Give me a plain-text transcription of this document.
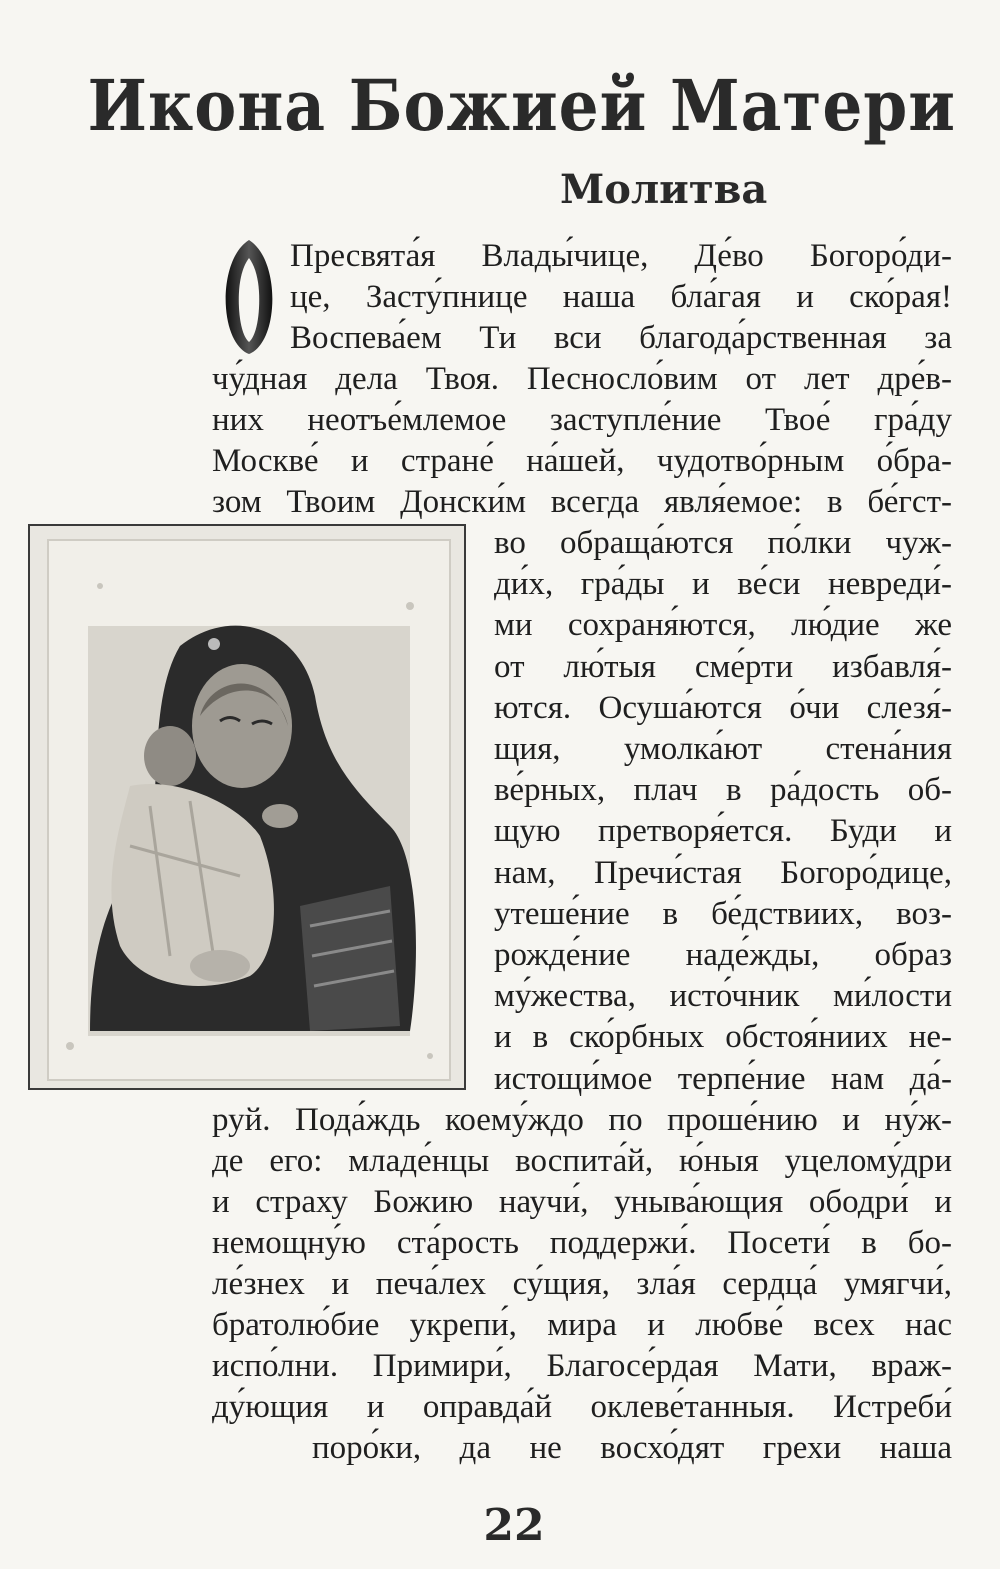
Икона Божией Матери
Молитва
Пресвята́я Влады́чице, Де́во Богоро́ди-
це, Засту́пнице наша бла́гая и ско́рая!
Воспева́ем Ти вси благода́рственная за
чу́дная дела Твоя. Песносло́вим от лет дре́в-
них неотъе́млемое заступле́ние Твое́ гра́ду
Москве́ и стране́ на́шей, чудотво́рным о́бра-
зом Твоим Донски́м всегда явля́емое: в бе́гст-
во обраща́ются по́лки чуж-
ди́х, гра́ды и ве́си невреди́-
ми сохраня́ются, лю́дие же
от лю́тыя сме́рти избавля́-
ются. Осуша́ются о́чи слезя́-
щия, умолка́ют стена́ния
ве́рных, плач в ра́дость об-
щую претворя́ется. Буди и
нам, Пречи́стая Богоро́дице,
утеше́ние в бе́дствиих, воз-
рожде́ние наде́жды, образ
му́жества, исто́чник ми́лости
и в ско́рбных обстоя́ниих не-
истощи́мое терпе́ние нам да́-
руй. Пода́ждь коему́ждо по проше́нию и ну́ж-
де его: младе́нцы воспита́й, ю́ныя уцелому́дри
и страху Божию научи́, уныва́ющия ободри́ и
немощну́ю ста́рость поддержи́. Посети́ в бо-
ле́знех и печа́лех су́щия, зла́я сердца́ умягчи́,
братолю́бие укрепи́, мира и любве́ всех нас
испо́лни. Примири́, Благосе́рдая Мати, враж-
ду́ющия и оправда́й оклеве́танныя. Истреби́
поро́ки, да не восхо́дят грехи наша
22
